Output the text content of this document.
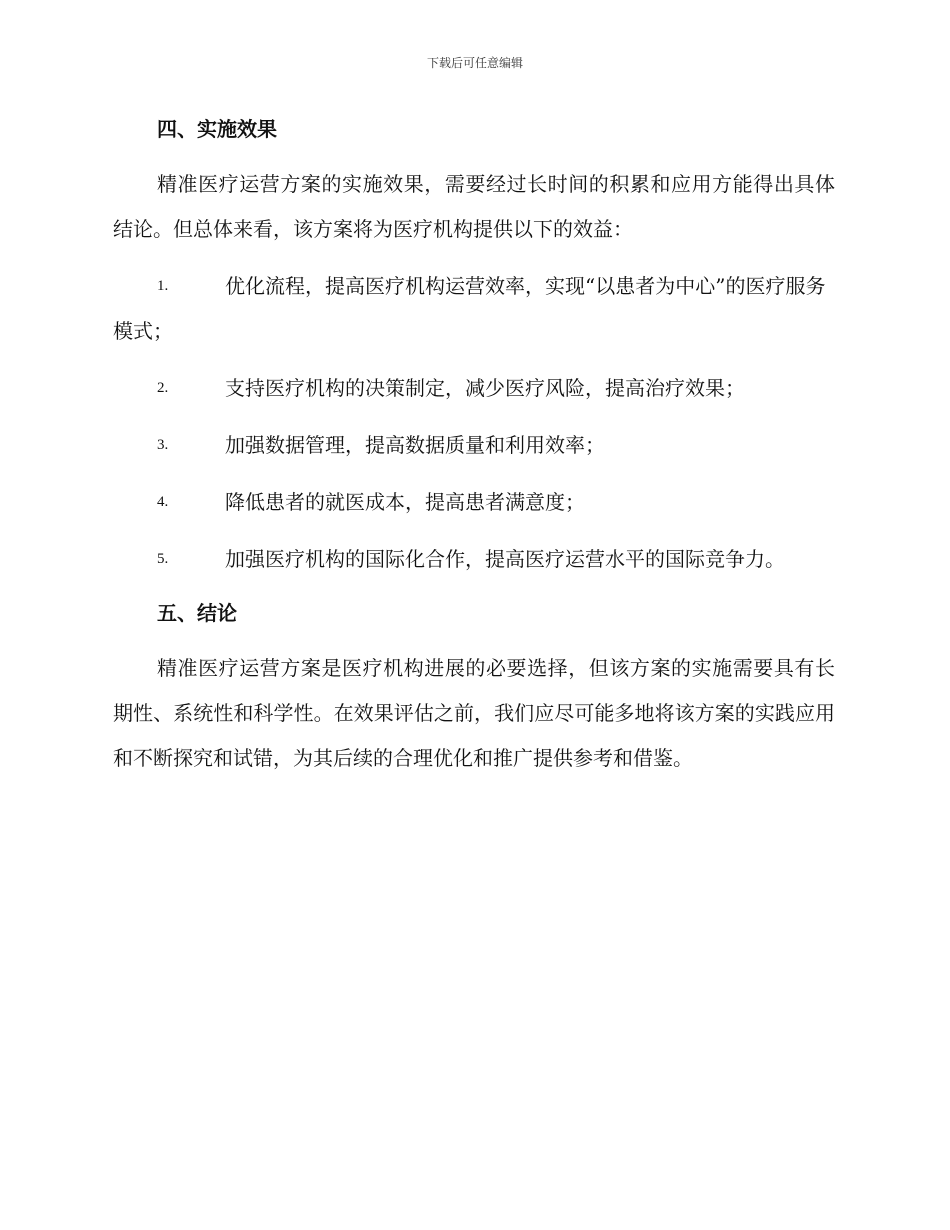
下载后可任意编辑
四、实施效果

精准医疗运营方案的实施效果，需要经过长时间的积累和应用方能得出具体结论。但总体来看，该方案将为医疗机构提供以下的效益：

1.	优化流程，提高医疗机构运营效率，实现“以患者为中心”的医疗服务模式；
2.	支持医疗机构的决策制定，减少医疗风险，提高治疗效果；
3.	加强数据管理，提高数据质量和利用效率；
4.	降低患者的就医成本，提高患者满意度；
5.	加强医疗机构的国际化合作，提高医疗运营水平的国际竞争力。
五、结论

精准医疗运营方案是医疗机构进展的必要选择，但该方案的实施需要具有长期性、系统性和科学性。在效果评估之前，我们应尽可能多地将该方案的实践应用和不断探究和试错，为其后续的合理优化和推广提供参考和借鉴。
